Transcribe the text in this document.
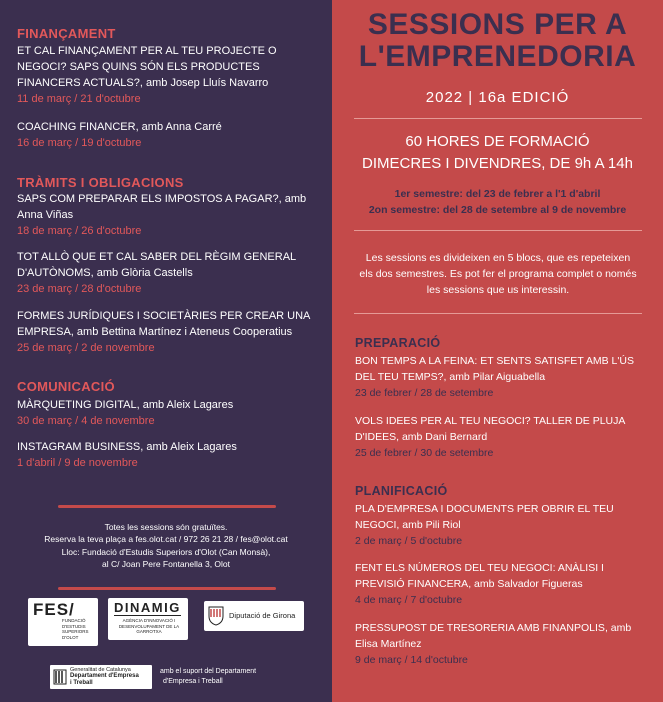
FINANÇAMENT
ET CAL FINANÇAMENT PER AL TEU PROJECTE O NEGOCI? SAPS QUINS SÓN ELS PRODUCTES FINANCERS ACTUALS?, amb Josep Lluís Navarro
11 de març / 21 d'octubre
COACHING FINANCER, amb Anna Carré
16 de març / 19 d'octubre
TRÀMITS I OBLIGACIONS
SAPS COM PREPARAR ELS IMPOSTOS A PAGAR?, amb Anna Viñas
18 de març / 26 d'octubre
TOT ALLÒ QUE ET CAL SABER DEL RÈGIM GENERAL D'AUTÒNOMS, amb Glòria Castells
23 de març / 28 d'octubre
FORMES JURÍDIQUES I SOCIETÀRIES PER CREAR UNA EMPRESA, amb Bettina Martínez i Ateneus Cooperatius
25 de març / 2 de novembre
COMUNICACIÓ
MÀRQUETING DIGITAL, amb Aleix Lagares
30 de març / 4 de novembre
INSTAGRAM BUSINESS, amb Aleix Lagares
1 d'abril / 9 de novembre
Totes les sessions són gratuïtes.
Reserva la teva plaça a fes.olot.cat / 972 26 21 28 / fes@olot.cat
Lloc: Fundació d'Estudis Superiors d'Olot (Can Monsà),
al C/ Joan Pere Fontanella 3, Olot
FES/
FUNDACIÓ D'ESTUDIS SUPERIORS D'OLOT
DINAMIG
AGÈNCIA D'INNOVACIÓ I DESENVOLUPAMENT DE LA GARROTXA
Diputació de Girona
Generalitat de Catalunya
Departament d'Empresa
i Treball
amb el suport del Departament
d'Empresa i Treball
SESSIONS PER A
L'EMPRENEDORIA
2022 | 16a EDICIÓ
60 HORES DE FORMACIÓ
DIMECRES I DIVENDRES, DE 9h A 14h
1er semestre: del 23 de febrer a l'1 d'abril
2on semestre: del 28 de setembre al 9 de novembre
Les sessions es divideixen en 5 blocs, que es repeteixen els dos semestres. Es pot fer el programa complet o només les sessions que us interessin.
PREPARACIÓ
BON TEMPS A LA FEINA: ET SENTS SATISFET AMB L'ÚS DEL TEU TEMPS?, amb Pilar Aiguabella
23 de febrer / 28 de setembre
VOLS IDEES PER AL TEU NEGOCI? TALLER DE PLUJA D'IDEES, amb Dani Bernard
25 de febrer / 30 de setembre
PLANIFICACIÓ
PLA D'EMPRESA I DOCUMENTS PER OBRIR EL TEU NEGOCI, amb Pili Riol
2 de març / 5 d'octubre
FENT ELS NÚMEROS DEL TEU NEGOCI: ANÀLISI I PREVISIÓ FINANCERA, amb Salvador Figueras
4 de març / 7 d'octubre
PRESSUPOST DE TRESORERIA AMB FINANPOLIS, amb Elisa Martínez
9 de març / 14 d'octubre
